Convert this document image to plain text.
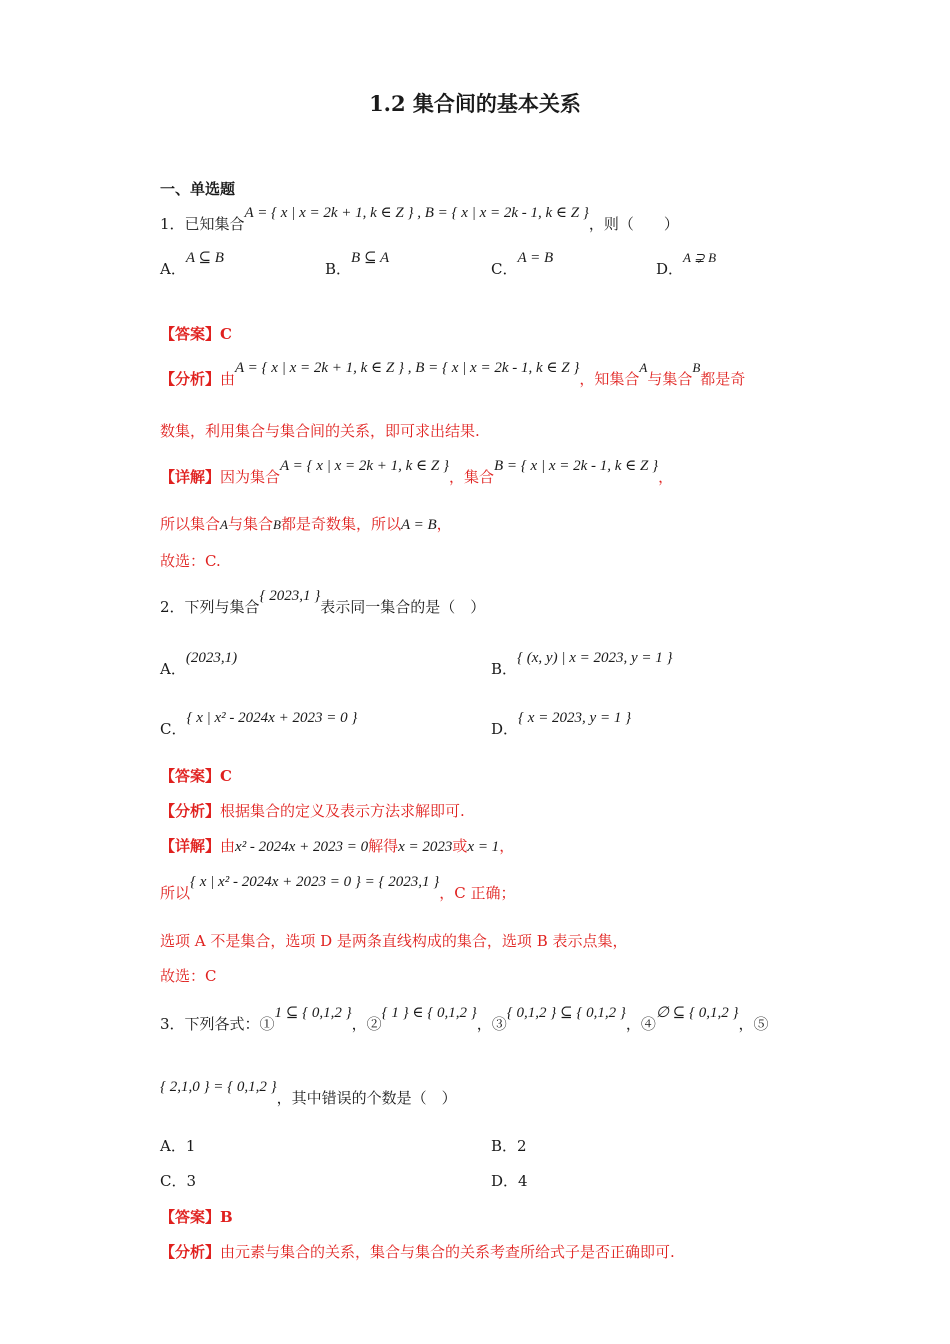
1.2 集合间的基本关系
一、单选题
1．已知集合A = { x | x = 2k + 1, k ∈ Z } , B = { x | x = 2k - 1, k ∈ Z }，则（　　）
A．A ⊆ B
B．B ⊆ A
C．A = B
D．A ⊋ B
【答案】C
【分析】由A = { x | x = 2k + 1, k ∈ Z } , B = { x | x = 2k - 1, k ∈ Z }，知集合A与集合B都是奇
数集，利用集合与集合间的关系，即可求出结果.
【详解】因为集合A = { x | x = 2k + 1, k ∈ Z }，集合B = { x | x = 2k - 1, k ∈ Z }，
所以集合A与集合B都是奇数集，所以A = B，
故选：C.
2．下列与集合{ 2023,1 }表示同一集合的是（　）
A．(2023,1)
B．{ (x, y) | x = 2023, y = 1 }
C．{ x | x² - 2024x + 2023 = 0 }
D．{ x = 2023, y = 1 }
【答案】C
【分析】根据集合的定义及表示方法求解即可.
【详解】由x² - 2024x + 2023 = 0解得x = 2023或x = 1，
所以{ x | x² - 2024x + 2023 = 0 } = { 2023,1 }，C 正确；
选项 A 不是集合，选项 D 是两条直线构成的集合，选项 B 表示点集，
故选：C
3．下列各式：①1 ⊆ { 0,1,2 }，②{ 1 } ∈ { 0,1,2 }，③{ 0,1,2 } ⊆ { 0,1,2 }，④∅ ⊆ { 0,1,2 }，⑤
{ 2,1,0 } = { 0,1,2 }，其中错误的个数是（　）
A．1	B．2
C．3	D．4
【答案】B
【分析】由元素与集合的关系，集合与集合的关系考查所给式子是否正确即可.
